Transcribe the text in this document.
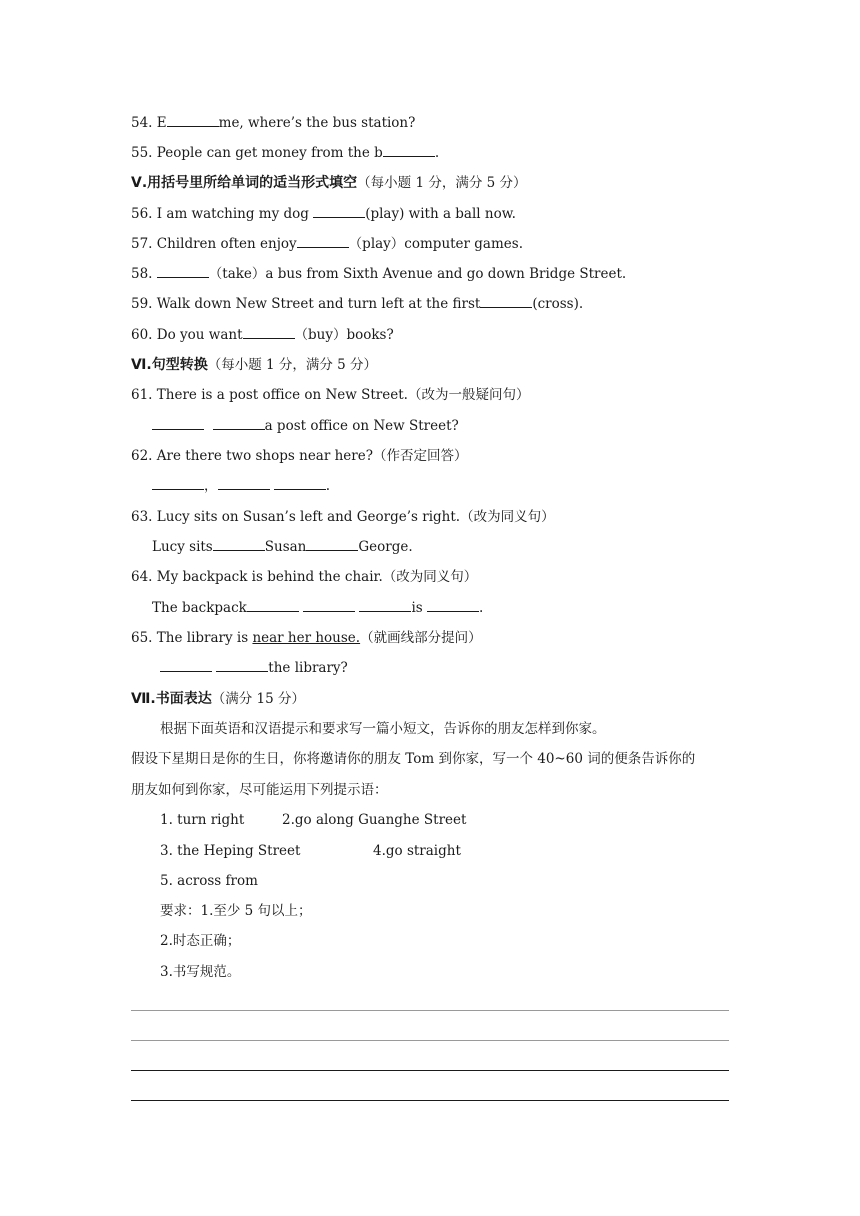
54. E	me, where’s the bus station?
55. People can get money from the b	.
Ⅴ.用括号里所给单词的适当形式填空（每小题 1 分，满分 5 分）
56. I am watching my dog	(play) with a ball now.
57. Children often enjoy	（play）computer games.
58.	（take）a bus from Sixth Avenue and go down Bridge Street.
59. Walk down New Street and turn left at the first	(cross).
60. Do you want	（buy）books?
Ⅵ.句型转换（每小题 1 分，满分 5 分）
61. There is a post office on New Street.（改为一般疑问句）
a post office on New Street?
62. Are there two shops near here?（作否定回答）
，	.
63. Lucy sits on Susan’s left and George’s right.（改为同义句）
Lucy sits	Susan	George.
64. My backpack is behind the chair.（改为同义句）
The backpack	is	.
65. The library is near her house.（就画线部分提问）
the library?
Ⅶ.书面表达（满分 15 分）
根据下面英语和汉语提示和要求写一篇小短文，告诉你的朋友怎样到你家。
假设下星期日是你的生日，你将邀请你的朋友 Tom 到你家，写一个 40~60 词的便条告诉你的
朋友如何到你家，尽可能运用下列提示语：
1. turn right	2.go along Guanghe Street
3. the Heping Street	4.go straight
5. across from
要求：1.至少 5 句以上；
2.时态正确；
3.书写规范。
